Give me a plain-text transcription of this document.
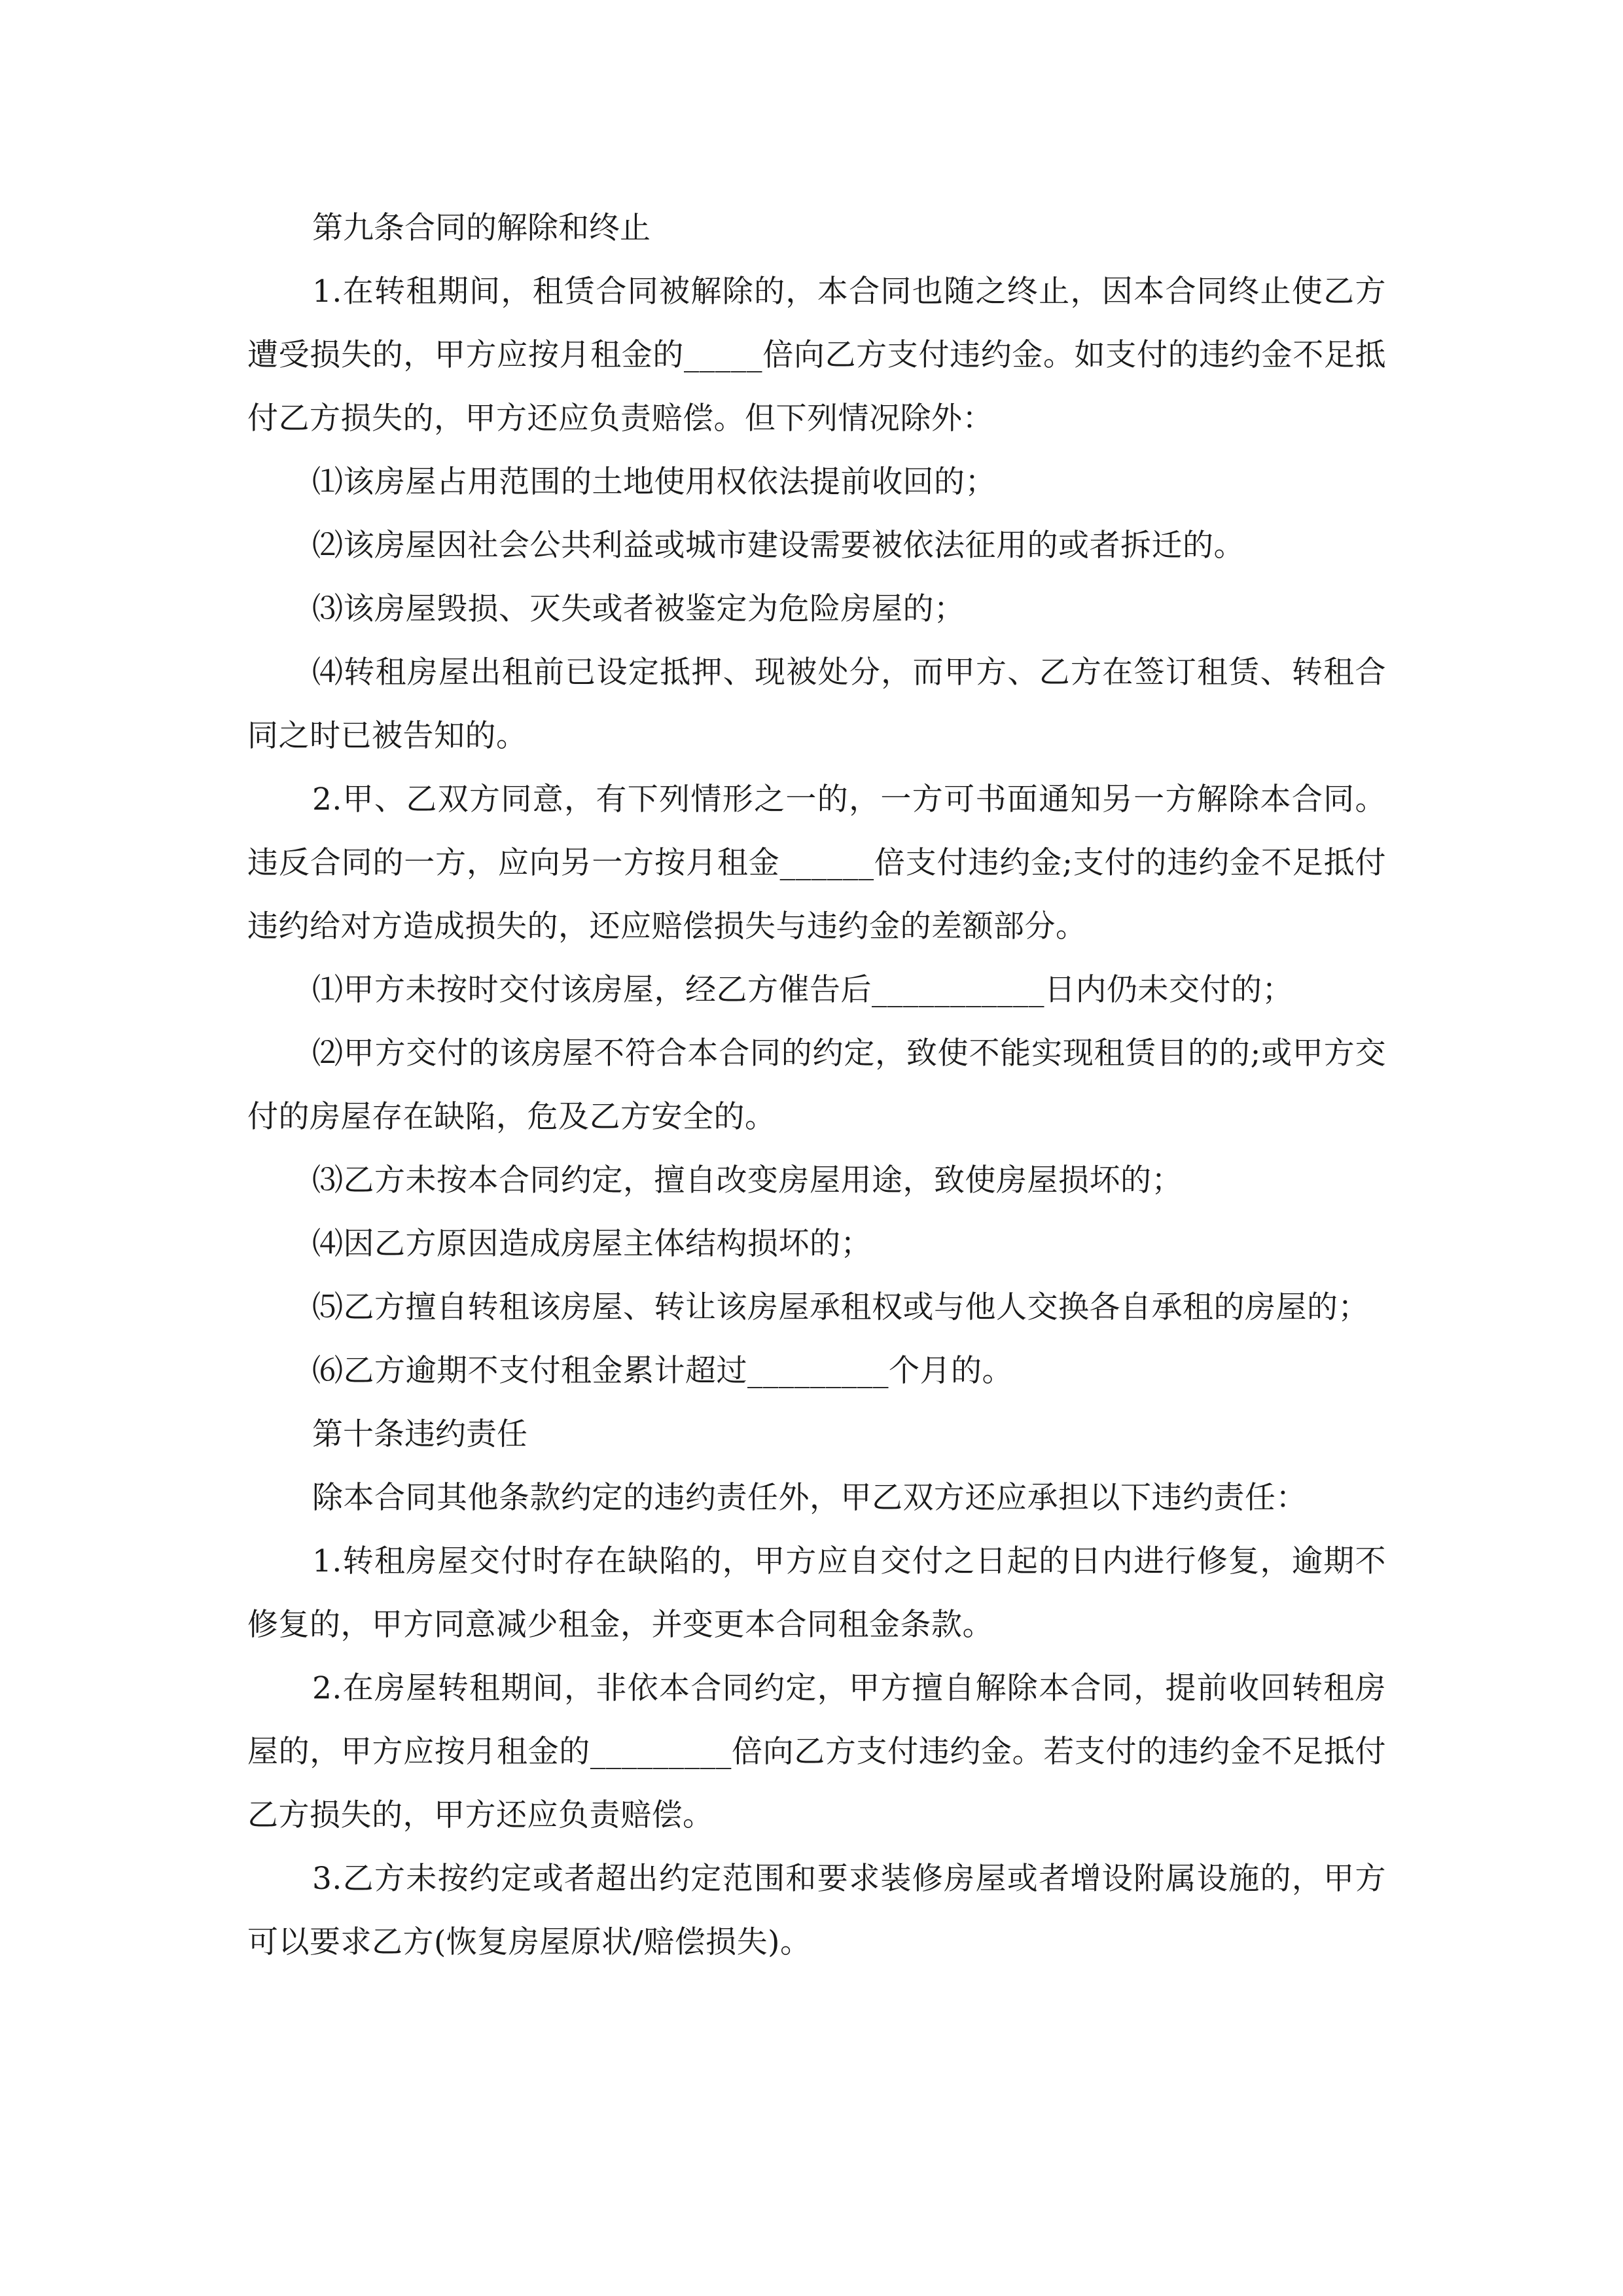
第九条合同的解除和终止

1.在转租期间，租赁合同被解除的，本合同也随之终止，因本合同终止使乙方遭受损失的，甲方应按月租金的_____倍向乙方支付违约金。如支付的违约金不足抵付乙方损失的，甲方还应负责赔偿。但下列情况除外：

⑴该房屋占用范围的土地使用权依法提前收回的；

⑵该房屋因社会公共利益或城市建设需要被依法征用的或者拆迁的。

⑶该房屋毁损、灭失或者被鉴定为危险房屋的；

⑷转租房屋出租前已设定抵押、现被处分，而甲方、乙方在签订租赁、转租合同之时已被告知的。

2.甲、乙双方同意，有下列情形之一的，一方可书面通知另一方解除本合同。违反合同的一方，应向另一方按月租金______倍支付违约金;支付的违约金不足抵付违约给对方造成损失的，还应赔偿损失与违约金的差额部分。

⑴甲方未按时交付该房屋，经乙方催告后___________日内仍未交付的；

⑵甲方交付的该房屋不符合本合同的约定，致使不能实现租赁目的的;或甲方交付的房屋存在缺陷，危及乙方安全的。

⑶乙方未按本合同约定，擅自改变房屋用途，致使房屋损坏的；

⑷因乙方原因造成房屋主体结构损坏的；

⑸乙方擅自转租该房屋、转让该房屋承租权或与他人交换各自承租的房屋的；

⑹乙方逾期不支付租金累计超过_________个月的。

第十条违约责任

除本合同其他条款约定的违约责任外，甲乙双方还应承担以下违约责任：

1.转租房屋交付时存在缺陷的，甲方应自交付之日起的日内进行修复，逾期不修复的，甲方同意减少租金，并变更本合同租金条款。

2.在房屋转租期间，非依本合同约定，甲方擅自解除本合同，提前收回转租房屋的，甲方应按月租金的_________倍向乙方支付违约金。若支付的违约金不足抵付乙方损失的，甲方还应负责赔偿。

3.乙方未按约定或者超出约定范围和要求装修房屋或者增设附属设施的，甲方可以要求乙方(恢复房屋原状/赔偿损失)。
